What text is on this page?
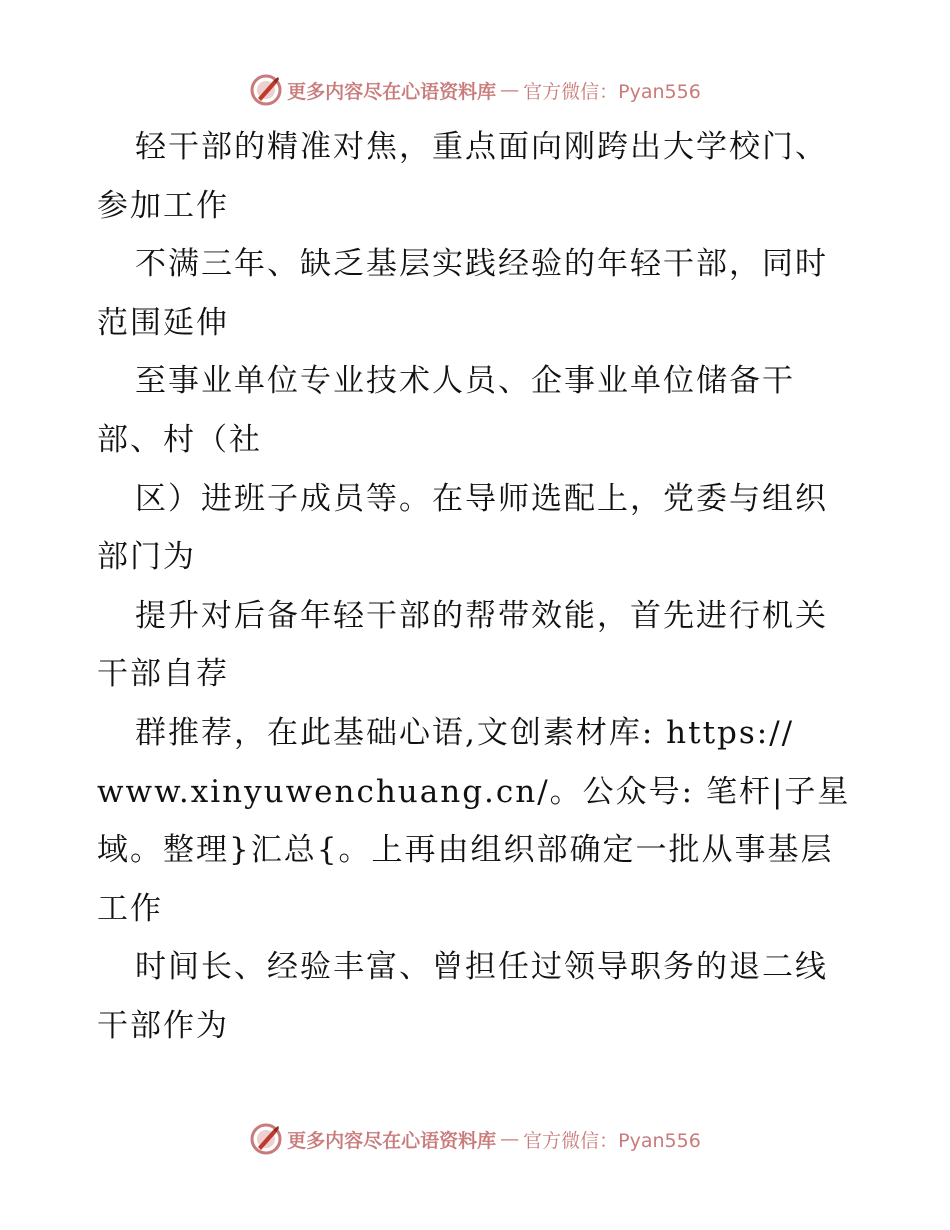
更多内容尽在心语资料库 — 官方微信：Pyan556
轻干部的精准对焦，重点面向刚跨出大学校门、
参加工作
不满三年、缺乏基层实践经验的年轻干部，同时
范围延伸
至事业单位专业技术人员、企事业单位储备干
部、村（社
区）进班子成员等。在导师选配上，党委与组织
部门为
提升对后备年轻干部的帮带效能，首先进行机关
干部自荐
群推荐，在此基础心语,文创素材库: https://
www.xinyuwenchuang.cn/。公众号: 笔杆|子星
域。整理}汇总{。上再由组织部确定一批从事基层
工作
时间长、经验丰富、曾担任过领导职务的退二线
干部作为
更多内容尽在心语资料库 — 官方微信：Pyan556
